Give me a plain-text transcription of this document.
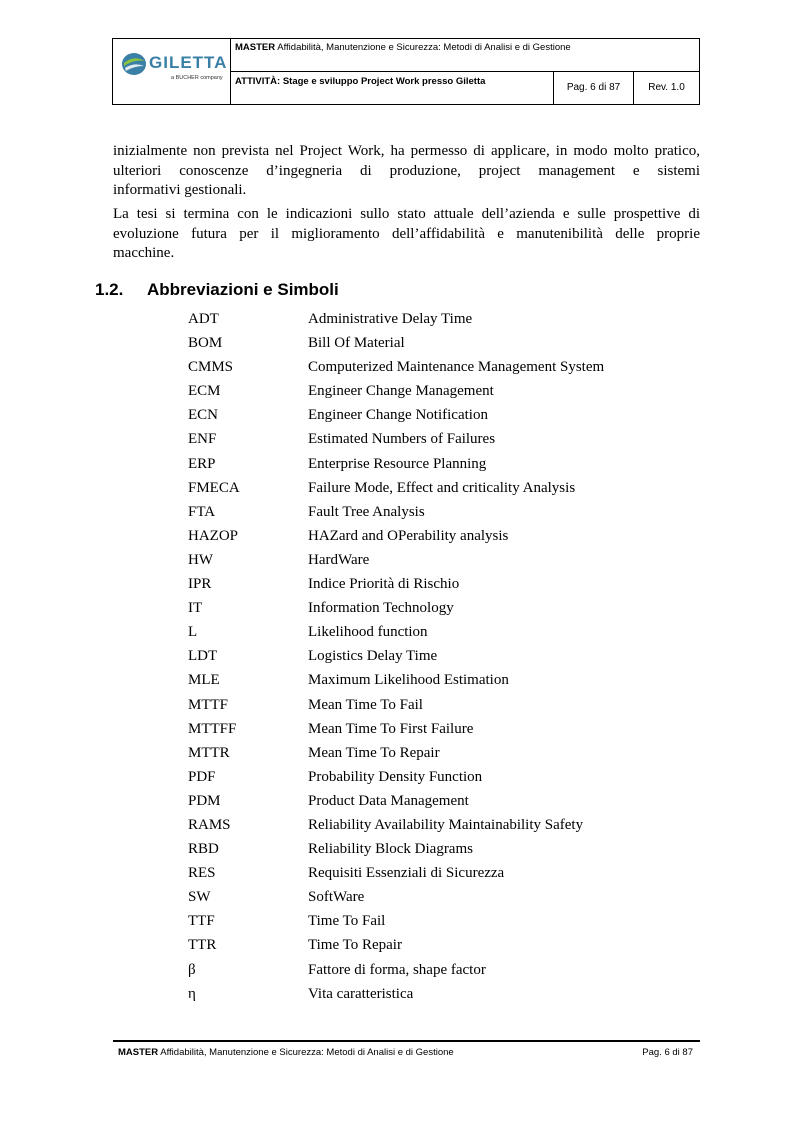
GILETTA
a BUCHER company
MASTER Affidabilità, Manutenzione e Sicurezza: Metodi di Analisi e di Gestione
ATTIVITÀ: Stage e sviluppo Project Work presso Giletta
Pag. 6 di 87	Rev. 1.0
inizialmente non prevista nel Project Work, ha permesso di applicare, in modo molto pratico, ulteriori conoscenze d’ingegneria di produzione, project management e sistemi
informativi gestionali.
La tesi si termina con le indicazioni sullo stato attuale dell’azienda e sulle prospettive di evoluzione futura per il miglioramento dell’affidabilità e manutenibilità delle proprie
macchine.
1.2. Abbreviazioni e Simboli
ADT	Administrative Delay Time
BOM	Bill Of Material
CMMS	Computerized Maintenance Management System
ECM	Engineer Change Management
ECN	Engineer Change Notification
ENF	Estimated Numbers of Failures
ERP	Enterprise Resource Planning
FMECA	Failure Mode, Effect and criticality Analysis
FTA	Fault Tree Analysis
HAZOP	HAZard and OPerability analysis
HW	HardWare
IPR	Indice Priorità di Rischio
IT	Information Technology
L	Likelihood function
LDT	Logistics Delay Time
MLE	Maximum Likelihood Estimation
MTTF	Mean Time To Fail
MTTFF	Mean Time To First Failure
MTTR	Mean Time To Repair
PDF	Probability Density Function
PDM	Product Data Management
RAMS	Reliability Availability Maintainability Safety
RBD	Reliability Block Diagrams
RES	Requisiti Essenziali di Sicurezza
SW	SoftWare
TTF	Time To Fail
TTR	Time To Repair
β	Fattore di forma, shape factor
η	Vita caratteristica
MASTER Affidabilità, Manutenzione e Sicurezza: Metodi di Analisi e di Gestione	Pag. 6 di 87
